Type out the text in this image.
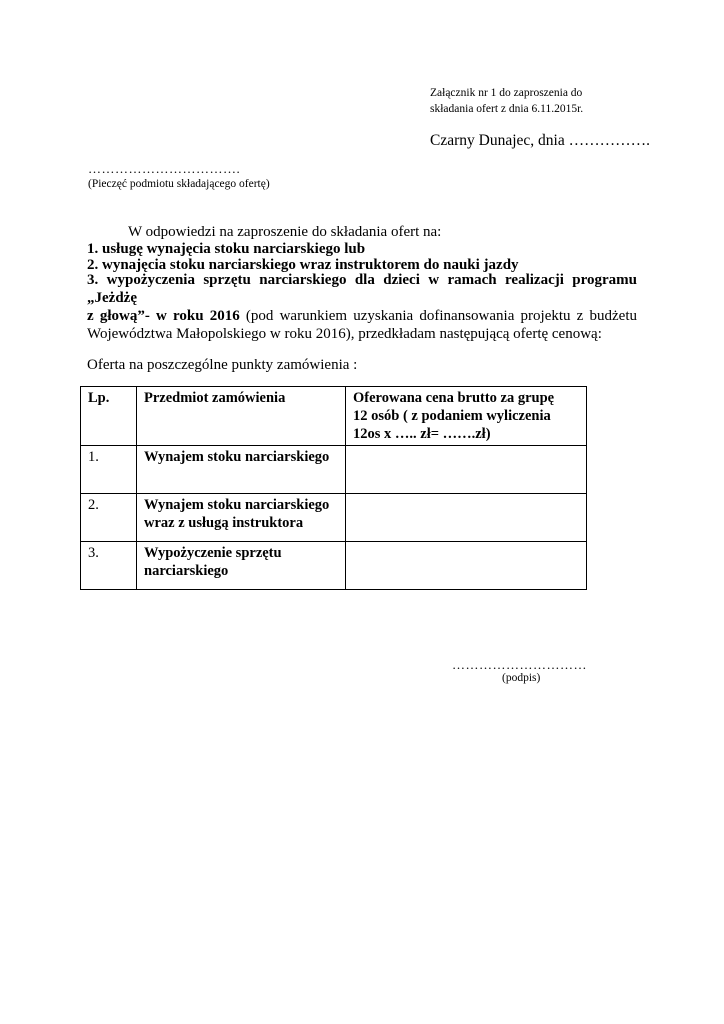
Załącznik nr 1 do zaproszenia do
składania ofert z dnia 6.11.2015r.
Czarny Dunajec, dnia …………….
…………………………….
(Pieczęć podmiotu składającego ofertę)
W odpowiedzi na zaproszenie do składania ofert na:
1. usługę wynajęcia stoku narciarskiego lub
2. wynajęcia stoku narciarskiego wraz instruktorem do nauki jazdy
3. wypożyczenia sprzętu narciarskiego dla dzieci w ramach realizacji programu „Jeżdżę
z głową”- w roku 2016 (pod warunkiem uzyskania dofinansowania projektu z budżetu
Województwa Małopolskiego w roku 2016), przedkładam następującą ofertę cenową:
Oferta na poszczególne punkty zamówienia :
Lp.	Przedmiot zamówienia	Oferowana cena brutto za grupę
12 osób ( z podaniem wyliczenia
12os x ….. zł= …….zł)

1.	Wynajem stoku narciarskiego	

2.	Wynajem stoku narciarskiego
wraz z usługą instruktora	

3.	Wypożyczenie sprzętu
narciarskiego	

…………………………
(podpis)
